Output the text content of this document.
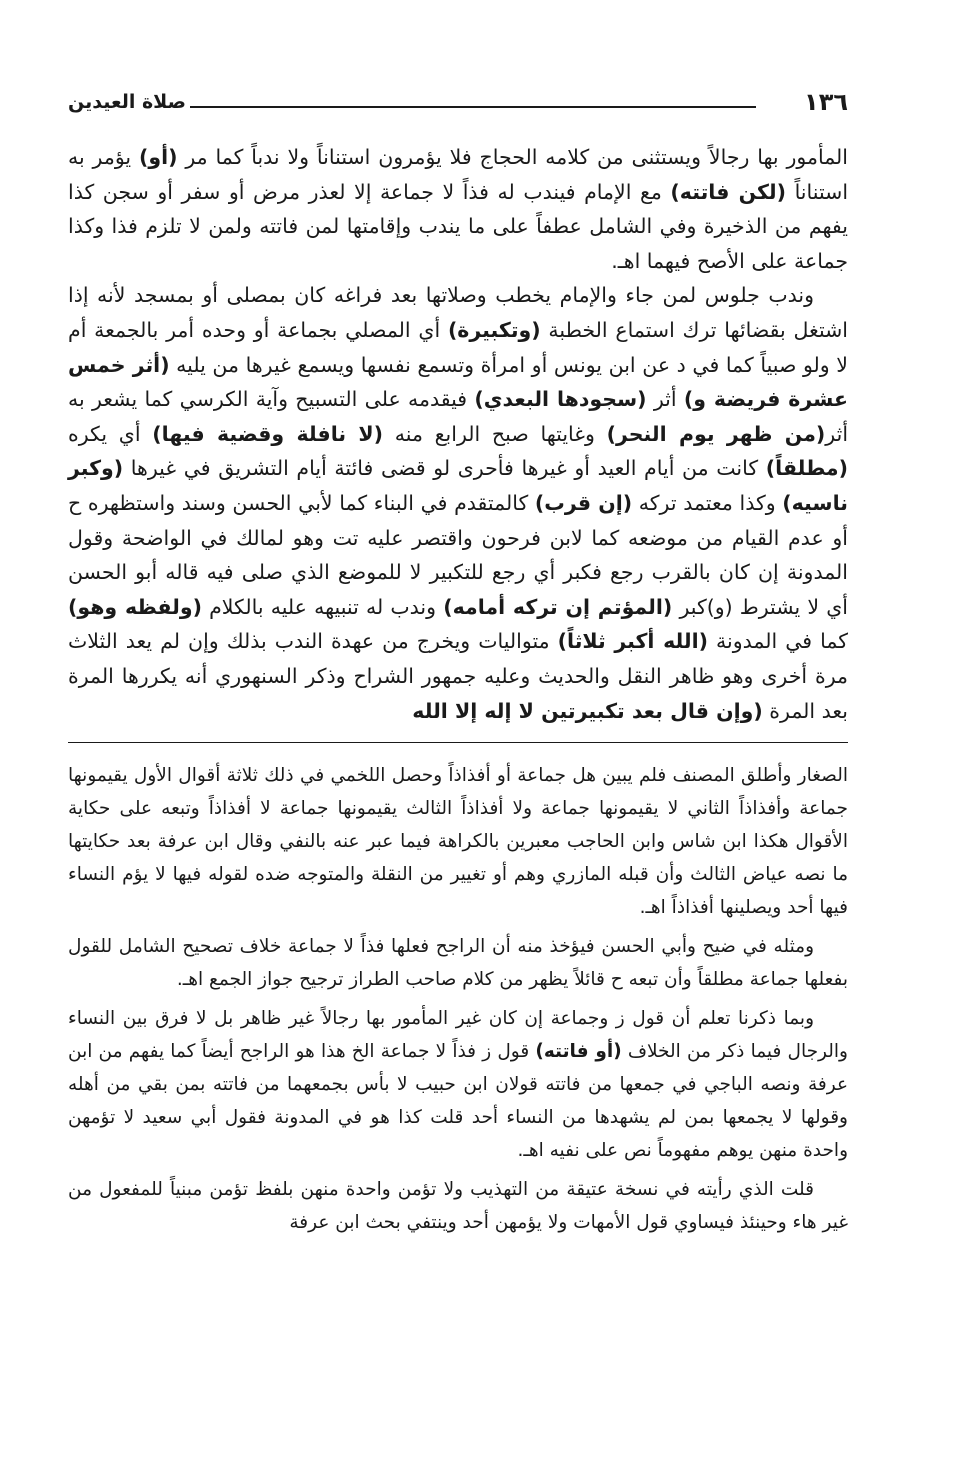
١٣٦
صلاة العيدين

المأمور بها رجالاً ويستثنى من كلامه الحجاج فلا يؤمرون استناناً ولا ندباً كما مر (أو) يؤمر به استناناً (لكن فاتته) مع الإمام فيندب له فذاً لا جماعة إلا لعذر مرض أو سفر أو سجن كذا يفهم من الذخيرة وفي الشامل عطفاً على ما يندب وإقامتها لمن فاتته ولمن لا تلزم فذا وكذا جماعة على الأصح فيهما اهـ.

وندب جلوس لمن جاء والإمام يخطب وصلاتها بعد فراغه كان بمصلى أو بمسجد لأنه إذا اشتغل بقضائها ترك استماع الخطبة (وتكبيرة) أي المصلي بجماعة أو وحده أمر بالجمعة أم لا ولو صبياً كما في د عن ابن يونس أو امرأة وتسمع نفسها ويسمع غيرها من يليه (أثر خمس عشرة فريضة و) أثر (سجودها البعدي) فيقدمه على التسبيح وآية الكرسي كما يشعر به أثر(من ظهر يوم النحر) وغايتها صبح الرابع منه (لا نافلة وقضية فيها) أي يكره (مطلقاً) كانت من أيام العيد أو غيرها فأحرى لو قضى فائتة أيام التشريق في غيرها (وكبر ناسيه) وكذا معتمد تركه (إن قرب) كالمتقدم في البناء كما لأبي الحسن وسند واستظهره ح أو عدم القيام من موضعه كما لابن فرحون واقتصر عليه تت وهو لمالك في الواضحة وقول المدونة إن كان بالقرب رجع فكبر أي رجع للتكبير لا للموضع الذي صلى فيه قاله أبو الحسن أي لا يشترط (و)كبر (المؤتم إن تركه أمامه) وندب له تنبيهه عليه بالكلام (ولفظه وهو) كما في المدونة (الله أكبر ثلاثاً) متواليات ويخرج من عهدة الندب بذلك وإن لم يعد الثلاث مرة أخرى وهو ظاهر النقل والحديث وعليه جمهور الشراح وذكر السنهوري أنه يكررها المرة بعد المرة (وإن قال بعد تكبيرتين لا إله إلا الله

الصغار وأطلق المصنف فلم يبين هل جماعة أو أفذاذاً وحصل اللخمي في ذلك ثلاثة أقوال الأول يقيمونها جماعة وأفذاذاً الثاني لا يقيمونها جماعة ولا أفذاذاً الثالث يقيمونها جماعة لا أفذاذاً وتبعه على حكاية الأقوال هكذا ابن شاس وابن الحاجب معبرين بالكراهة فيما عبر عنه بالنفي وقال ابن عرفة بعد حكايتها ما نصه عياض الثالث وأن قبله المازري وهم أو تغيير من النقلة والمتوجه ضده لقوله فيها لا يؤم النساء فيها أحد ويصلينها أفذاذاً اهـ.

ومثله في ضيح وأبي الحسن فيؤخذ منه أن الراجح فعلها فذاً لا جماعة خلاف تصحيح الشامل للقول بفعلها جماعة مطلقاً وأن تبعه ح قائلاً يظهر من كلام صاحب الطراز ترجيح جواز الجمع اهـ.

وبما ذكرنا تعلم أن قول ز وجماعة إن كان غير المأمور بها رجالاً غير ظاهر بل لا فرق بين النساء والرجال فيما ذكر من الخلاف (أو فاتته) قول ز فذاً لا جماعة الخ هذا هو الراجح أيضاً كما يفهم من ابن عرفة ونصه الباجي في جمعها من فاتته قولان ابن حبيب لا بأس بجمعهما من فاتته بمن بقي من أهله وقولها لا يجمعها بمن لم يشهدها من النساء أحد قلت كذا هو في المدونة فقول أبي سعيد لا تؤمهن واحدة منهن يوهم مفهوماً نص على نفيه اهـ.

قلت الذي رأيته في نسخة عتيقة من التهذيب ولا تؤمن واحدة منهن بلفظ تؤمن مبنياً للمفعول من غير هاء وحينئذ فيساوي قول الأمهات ولا يؤمهن أحد وينتفي بحث ابن عرفة
